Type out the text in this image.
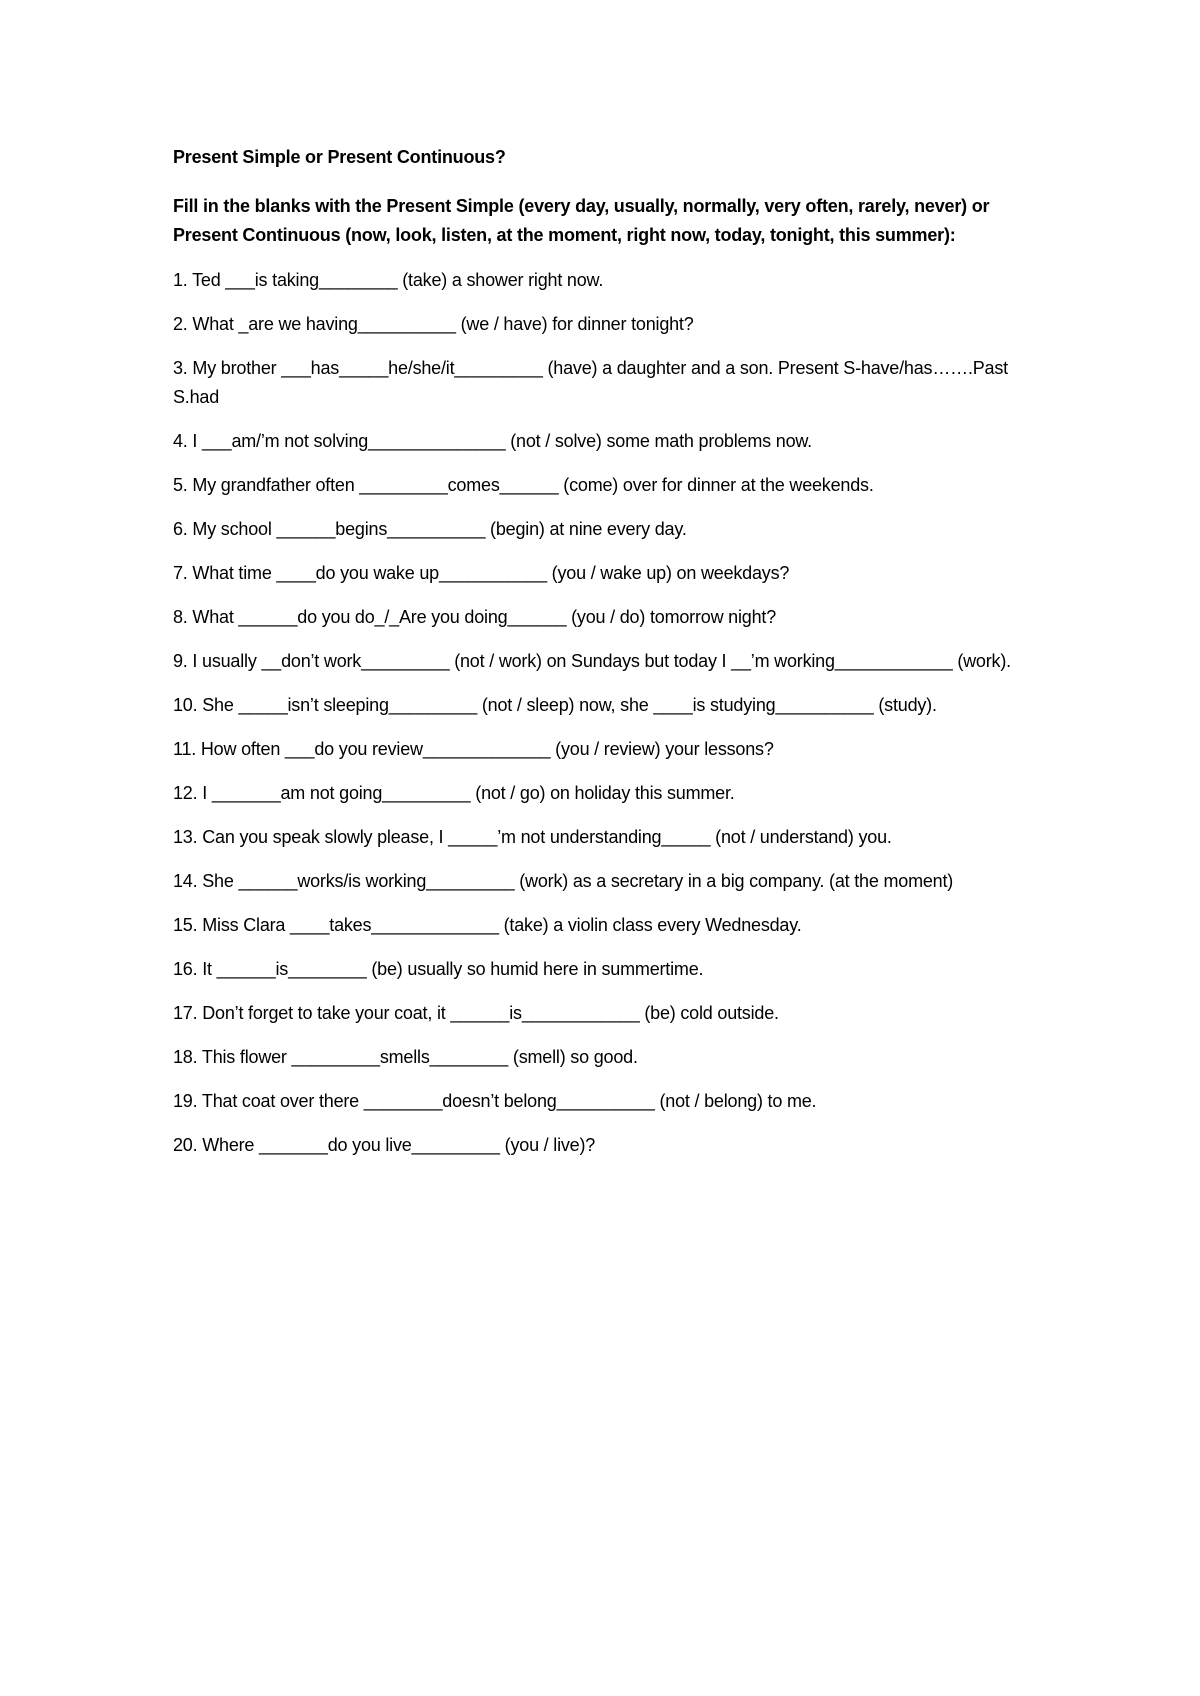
Present Simple or Present Continuous?

Fill in the blanks with the Present Simple (every day, usually, normally, very often, rarely, never) or Present Continuous (now, look, listen, at the moment, right now, today, tonight, this summer):

1. Ted ___is taking________ (take) a shower right now.
2. What _are we having__________ (we / have) for dinner tonight?
3. My brother ___has_____he/she/it_________ (have) a daughter and a son. Present S-have/has…….Past S.had
4. I ___am/’m not solving______________ (not / solve) some math problems now.
5. My grandfather often _________comes______ (come) over for dinner at the weekends.
6. My school ______begins__________ (begin) at nine every day.
7. What time ____do you wake up___________ (you / wake up) on weekdays?
8. What ______do you do_/_Are you doing______ (you / do) tomorrow night?
9. I usually __don’t work_________ (not / work) on Sundays but today I __’m working____________ (work).
10. She _____isn’t sleeping_________ (not / sleep) now, she ____is studying__________ (study).
11. How often ___do you review_____________ (you / review) your lessons?
12. I _______am not going_________ (not / go) on holiday this summer.
13. Can you speak slowly please, I _____’m not understanding_____ (not / understand) you.
14. She ______works/is working_________ (work) as a secretary in a big company. (at the moment)
15. Miss Clara ____takes_____________ (take) a violin class every Wednesday.
16. It ______is________ (be) usually so humid here in summertime.
17. Don’t forget to take your coat, it ______is____________ (be) cold outside.
18. This flower _________smells________ (smell) so good.
19. That coat over there ________doesn’t belong__________ (not / belong) to me.
20. Where _______do you live_________ (you / live)?
